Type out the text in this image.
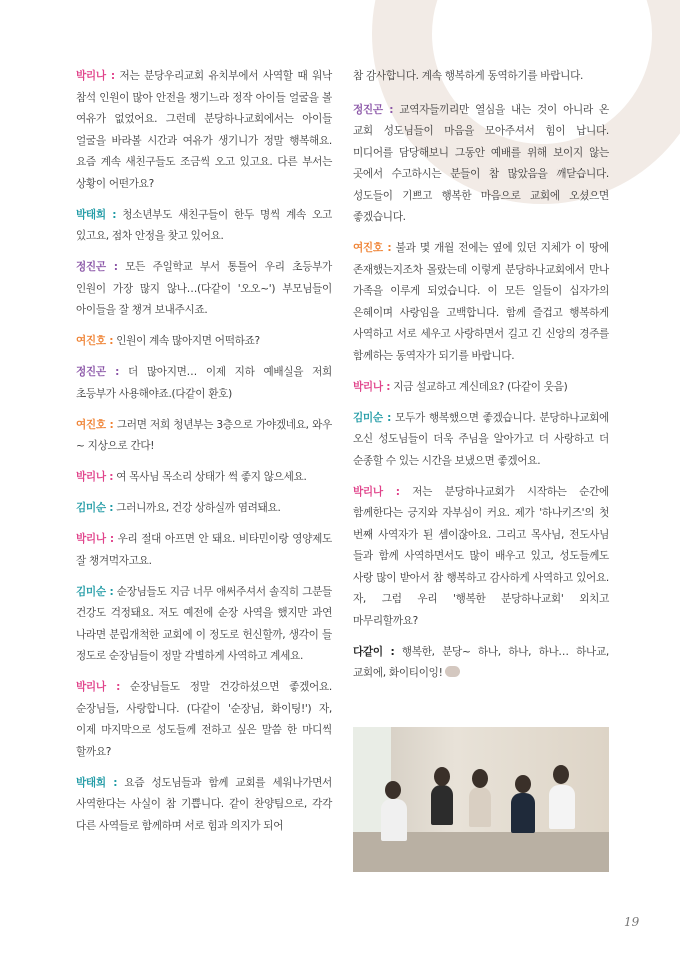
박리나 : 저는 분당우리교회 유치부에서 사역할 때 워낙 참석 인원이 많아 안전을 챙기느라 정작 아이들 얼굴을 볼 여유가 없었어요. 그런데 분당하나교회에서는 아이들 얼굴을 바라볼 시간과 여유가 생기니가 정말 행복해요. 요즘 계속 새친구들도 조금씩 오고 있고요. 다른 부서는 상황이 어떤가요?

박태희 : 청소년부도 새친구들이 한두 명씩 계속 오고 있고요, 점차 안정을 찾고 있어요.

정진곤 : 모든 주일학교 부서 통틀어 우리 초등부가 인원이 가장 많지 않나…(다같이 '오오~') 부모님들이 아이들을 잘 챙겨 보내주시죠.

여진호 : 인원이 계속 많아지면 어떡하죠?

정진곤 : 더 많아지면… 이제 지하 예배실을 저희 초등부가 사용해야죠.(다같이 환호)

여진호 : 그러면 저희 청년부는 3층으로 가야겠네요, 와우~ 지상으로 간다!

박리나 : 여 목사님 목소리 상태가 썩 좋지 않으세요.

김미순 : 그러니까요, 건강 상하실까 염려돼요.

박리나 : 우리 절대 아프면 안 돼요. 비타민이랑 영양제도 잘 챙겨먹자고요.

김미순 : 순장님들도 지금 너무 애써주셔서 솔직히 그분들 건강도 걱정돼요. 저도 예전에 순장 사역을 했지만 과연 나라면 분립개척한 교회에 이 정도로 헌신할까, 생각이 들 정도로 순장님들이 정말 각별하게 사역하고 계세요.

박리나 : 순장님들도 정말 건강하셨으면 좋겠어요. 순장님들, 사랑합니다. (다같이 '순장님, 화이팅!') 자, 이제 마지막으로 성도들께 전하고 싶은 말씀 한 마디씩 할까요?

박태희 : 요즘 성도님들과 함께 교회를 세워나가면서 사역한다는 사실이 참 기쁩니다. 같이 찬양팀으로, 각각 다른 사역들로 함께하며 서로 힘과 의지가 되어

참 감사합니다. 계속 행복하게 동역하기를 바랍니다.

정진곤 : 교역자들끼리만 열심을 내는 것이 아니라 온 교회 성도님들이 마음을 모아주셔서 힘이 납니다. 미디어를 담당해보니 그동안 예배를 위해 보이지 않는 곳에서 수고하시는 분들이 참 많았음을 깨닫습니다. 성도들이 기쁘고 행복한 마음으로 교회에 오셨으면 좋겠습니다.

여진호 : 불과 몇 개월 전에는 옆에 있던 지체가 이 땅에 존재했는지조차 몰랐는데 이렇게 분당하나교회에서 만나 가족을 이루게 되었습니다. 이 모든 일들이 십자가의 은혜이며 사랑임을 고백합니다. 함께 즐겁고 행복하게 사역하고 서로 세우고 사랑하면서 길고 긴 신앙의 경주를 함께하는 동역자가 되기를 바랍니다.

박리나 : 지금 설교하고 계신데요? (다같이 웃음)

김미순 : 모두가 행복했으면 좋겠습니다. 분당하나교회에 오신 성도님들이 더욱 주님을 알아가고 더 사랑하고 더 순종할 수 있는 시간을 보냈으면 좋겠어요.

박리나 : 저는 분당하나교회가 시작하는 순간에 함께한다는 긍지와 자부심이 커요. 제가 '하나키즈'의 첫 번째 사역자가 된 셈이잖아요. 그리고 목사님, 전도사님 들과 함께 사역하면서도 많이 배우고 있고, 성도들께도 사랑 많이 받아서 참 행복하고 감사하게 사역하고 있어요. 자, 그럼 우리 '행복한 분당하나교회' 외치고 마무리할까요?

다같이 : 행복한, 분당~ 하나, 하나, 하나… 하나교, 교회에, 화이티이잉!

19
